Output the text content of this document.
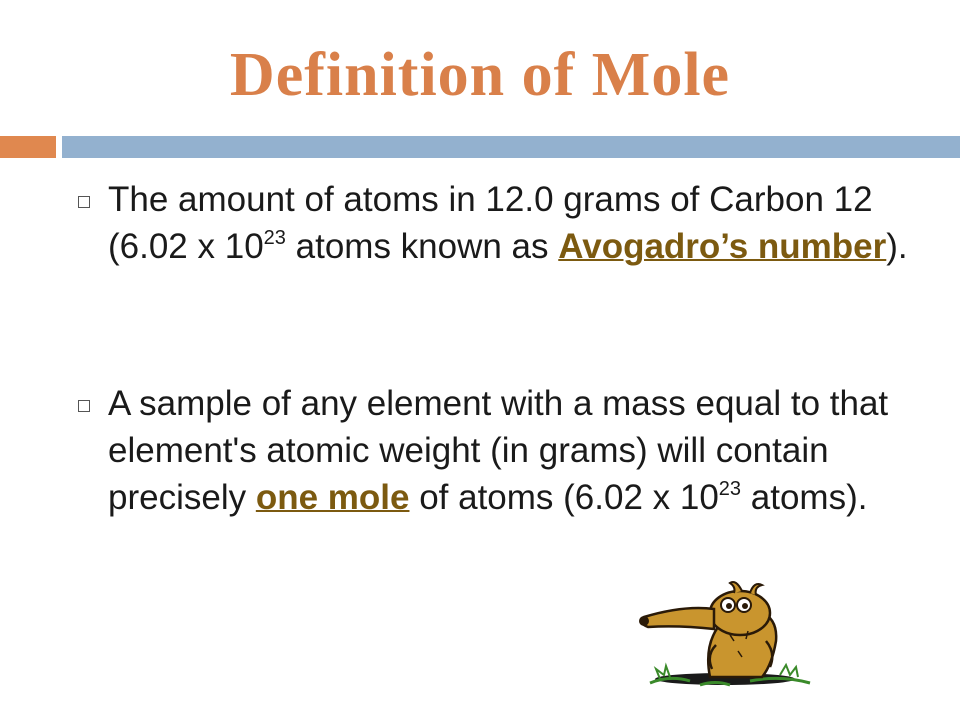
Definition of Mole
The amount of atoms in 12.0 grams of Carbon 12 (6.02 x $10^{23}$ atoms known as Avogadro’s number).
A sample of any element with a mass equal to that element's atomic weight (in grams) will contain precisely one mole of atoms (6.02 x $10^{23}$ atoms).
